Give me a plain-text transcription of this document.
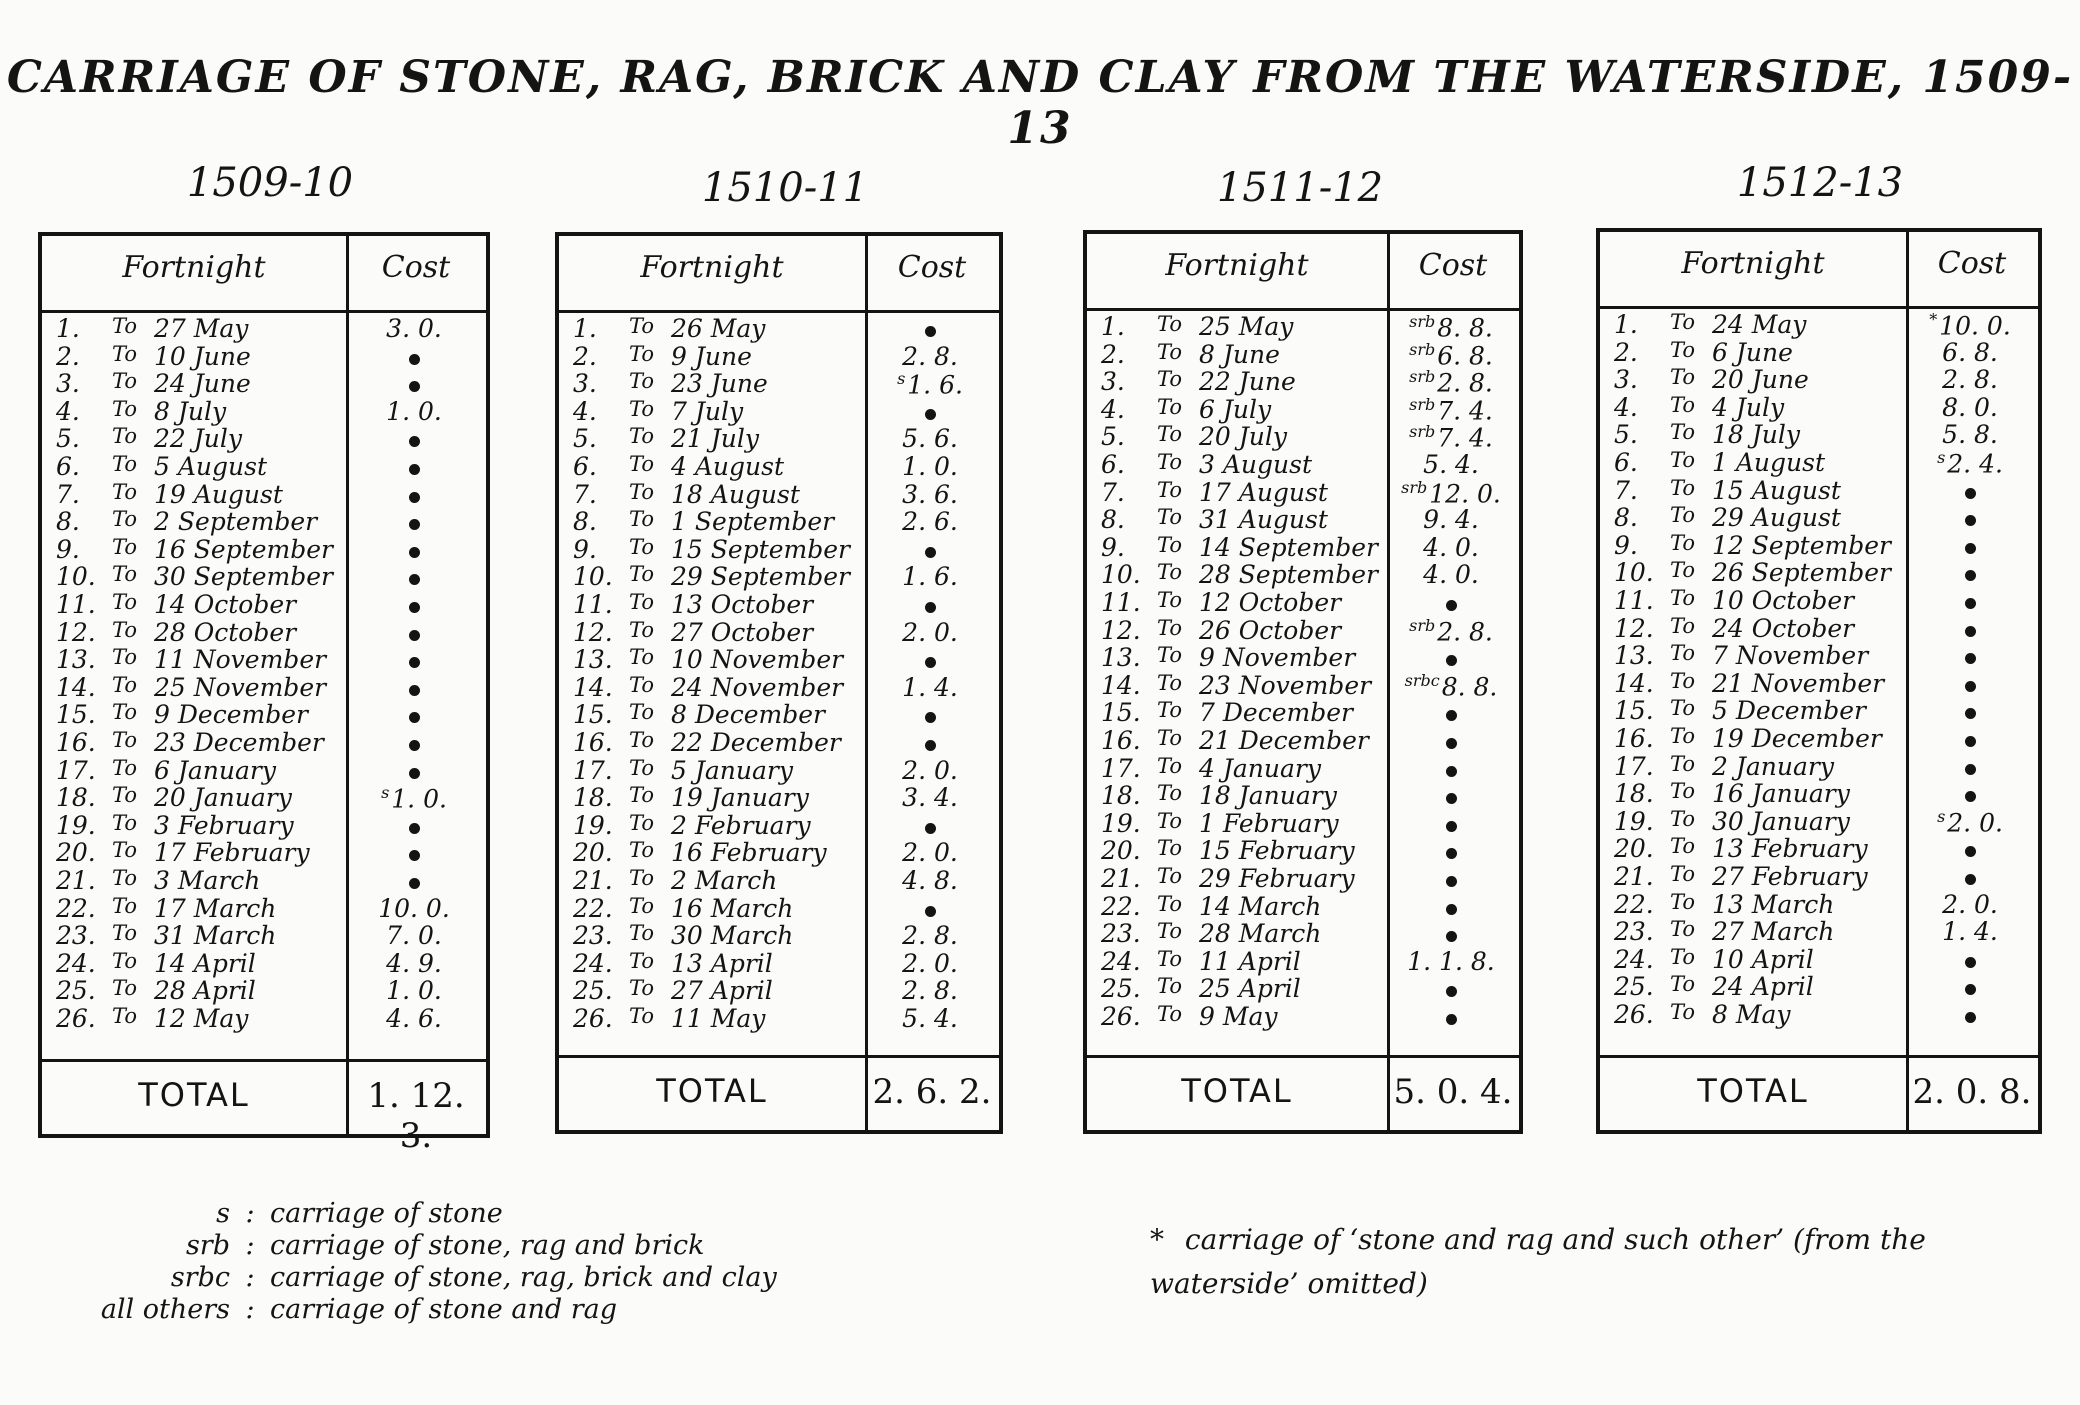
CARRIAGE OF STONE, RAG, BRICK AND CLAY FROM THE WATERSIDE, 1509-13
1509-10
Fortnight	Cost
1.	To 27 May	3. 0.
2.	To 10 June
3.	To 24 June
4.	To 8 July	1. 0.
5.	To 22 July
6.	To 5 August
7.	To 19 August
8.	To 2 September
9.	To 16 September
10. To 30 September
11. To 14 October
12. To 28 October
13. To 11 November
14. To 25 November
15. To 9 December
16. To 23 December
17. To 6 January
18. To 20 January	$^s$1. 0.
19. To 3 February
20. To 17 February
21. To 3 March
22. To 17 March	10. 0.
23. To 31 March	7. 0.
24. To 14 April	4. 9.
25. To 28 April	1. 0.
26. To 12 May	4. 6.
TOTAL	1. 12. 3.
1510-11
Fortnight	Cost
1.	To 26 May
2.	To 9 June	2. 8.
3.	To 23 June	$^s$1. 6.
4.	To 7 July
5.	To 21 July	5. 6.
6.	To 4 August	1. 0.
7.	To 18 August	3. 6.
8.	To 1 September	2. 6.
9.	To 15 September
10. To 29 September	1. 6.
11. To 13 October
12. To 27 October	2. 0.
13. To 10 November
14. To 24 November	1. 4.
15. To 8 December
16. To 22 December
17. To 5 January	2. 0.
18. To 19 January	3. 4.
19. To 2 February
20. To 16 February	2. 0.
21. To 2 March	4. 8.
22. To 16 March
23. To 30 March	2. 8.
24. To 13 April	2. 0.
25. To 27 April	2. 8.
26. To 11 May	5. 4.
TOTAL	2. 6. 2.
1511-12
Fortnight	Cost
1.	To 25 May	$^{srb}$8. 8.
2.	To 8 June	$^{srb}$6. 8.
3.	To 22 June	$^{srb}$2. 8.
4.	To 6 July	$^{srb}$7. 4.
5.	To 20 July	$^{srb}$7. 4.
6.	To 3 August	5. 4.
7.	To 17 August	$^{srb}$12. 0.
8.	To 31 August	9. 4.
9.	To 14 September	4. 0.
10. To 28 September	4. 0.
11. To 12 October
12. To 26 October	$^{srb}$2. 8.
13. To 9 November
14. To 23 November	$^{srbc}$8. 8.
15. To 7 December
16. To 21 December
17. To 4 January
18. To 18 January
19. To 1 February
20. To 15 February
21. To 29 February
22. To 14 March
23. To 28 March
24. To 11 April	1. 1. 8.
25. To 25 April
26. To 9 May
TOTAL	5. 0. 4.
1512-13
Fortnight	Cost
1.	To 24 May	*10. 0.
2.	To 6 June	6. 8.
3.	To 20 June	2. 8.
4.	To 4 July	8. 0.
5.	To 18 July	5. 8.
6.	To 1 August	$^s$2. 4.
7.	To 15 August
8.	To 29 August
9.	To 12 September
10. To 26 September
11. To 10 October
12. To 24 October
13. To 7 November
14. To 21 November
15. To 5 December
16. To 19 December
17. To 2 January
18. To 16 January
19. To 30 January	$^s$2. 0.
20. To 13 February
21. To 27 February
22. To 13 March	2. 0.
23. To 27 March	1. 4.
24. To 10 April
25. To 24 April
26. To 8 May
TOTAL	2. 0. 8.
s : carriage of stone
srb : carriage of stone, rag and brick
srbc : carriage of stone, rag, brick and clay
all others : carriage of stone and rag
* carriage of ‘stone and rag and such other’ (from the waterside’ omitted)
